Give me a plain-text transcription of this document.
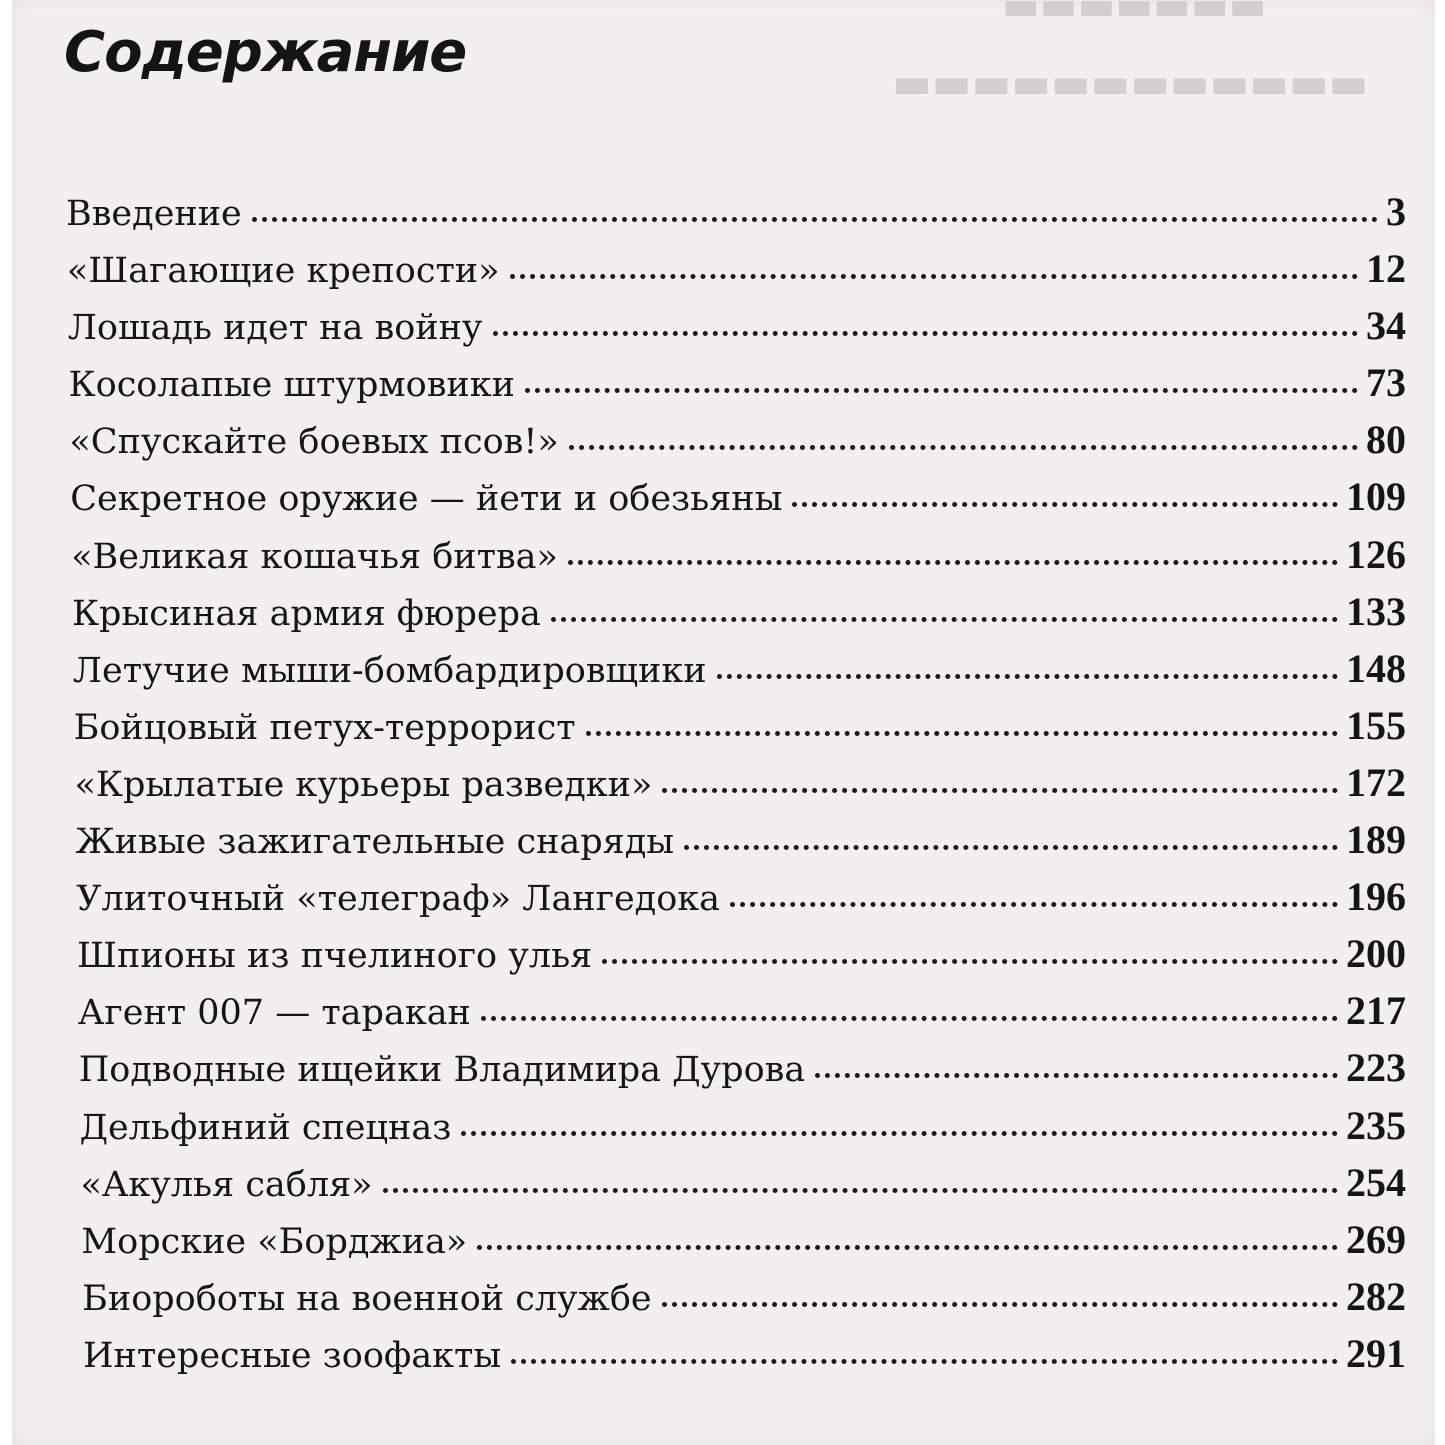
▬▬▬▬▬▬▬
▬▬▬▬▬▬▬▬▬▬▬▬
Содержание
Введение	3
«Шагающие крепости»	12
Лошадь идет на войну	34
Косолапые штурмовики	73
«Спускайте боевых псов!»	80
Секретное оружие — йети и обезьяны	109
«Великая кошачья битва»	126
Крысиная армия фюрера	133
Летучие мыши-бомбардировщики	148
Бойцовый петух-террорист	155
«Крылатые курьеры разведки»	172
Живые зажигательные снаряды	189
Улиточный «телеграф» Лангедока	196
Шпионы из пчелиного улья	200
Агент 007 — таракан	217
Подводные ищейки Владимира Дурова	223
Дельфиний спецназ	235
«Акулья сабля»	254
Морские «Борджиа»	269
Биороботы на военной службе	282
Интересные зоофакты	291
